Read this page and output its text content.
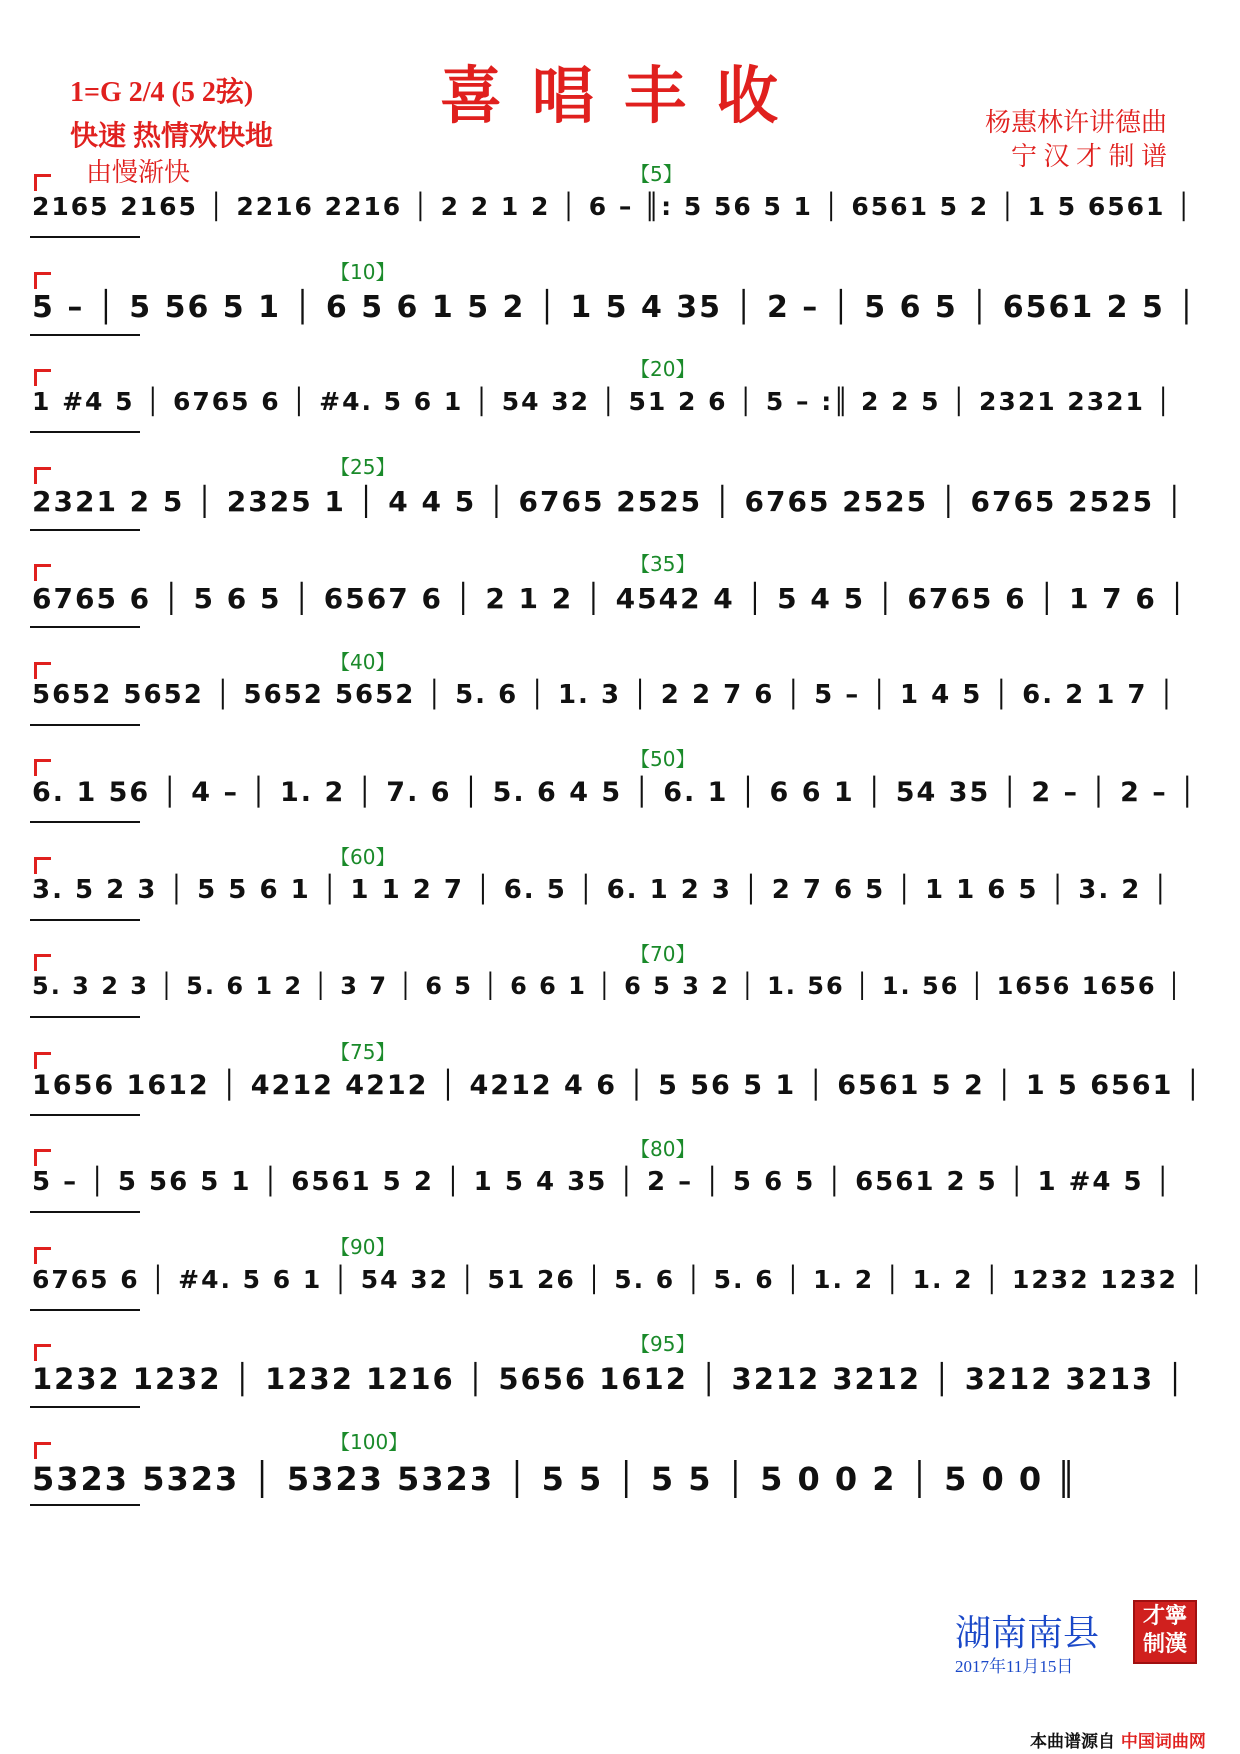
喜唱丰收
1=G 2/4 (5 2弦)
快速 热情欢快地
由慢渐快
杨惠林许讲德曲
宁 汉 才 制 谱
【5】
2165 2165 │ 2216 2216 │ 2 2 1 2 │ 6 – ║: 5 56 5 1 │ 6561 5 2 │ 1 5 6561 │
【10】
5 – │ 5 56 5 1 │ 6 5 6 1 5 2 │ 1 5 4 35 │ 2 – │ 5 6 5 │ 6561 2 5 │
【20】
1 #4 5 │ 6765 6 │ #4. 5 6 1 │ 54 32 │ 51 2 6 │ 5 – :║ 2 2 5 │ 2321 2321 │
【25】
2321 2 5 │ 2325 1 │ 4 4 5 │ 6765 2525 │ 6765 2525 │ 6765 2525 │
【35】
6765 6 │ 5 6 5 │ 6567 6 │ 2 1 2 │ 4542 4 │ 5 4 5 │ 6765 6 │ 1 7 6 │
【40】
5652 5652 │ 5652 5652 │ 5. 6 │ 1. 3 │ 2 2 7 6 │ 5 – │ 1 4 5 │ 6. 2 1 7 │
【50】
6. 1 56 │ 4 – │ 1. 2 │ 7. 6 │ 5. 6 4 5 │ 6. 1 │ 6 6 1 │ 54 35 │ 2 – │ 2 – │
【60】
3. 5 2 3 │ 5 5 6 1 │ 1 1 2 7 │ 6. 5 │ 6. 1 2 3 │ 2 7 6 5 │ 1 1 6 5 │ 3. 2 │
【70】
5. 3 2 3 │ 5. 6 1 2 │ 3 7 │ 6 5 │ 6 6 1 │ 6 5 3 2 │ 1. 56 │ 1. 56 │ 1656 1656 │
【75】
1656 1612 │ 4212 4212 │ 4212 4 6 │ 5 56 5 1 │ 6561 5 2 │ 1 5 6561 │
【80】
5 – │ 5 56 5 1 │ 6561 5 2 │ 1 5 4 35 │ 2 – │ 5 6 5 │ 6561 2 5 │ 1 #4 5 │
【90】
6765 6 │ #4. 5 6 1 │ 54 32 │ 51 26 │ 5. 6 │ 5. 6 │ 1. 2 │ 1. 2 │ 1232 1232 │
【95】
1232 1232 │ 1232 1216 │ 5656 1612 │ 3212 3212 │ 3212 3213 │
【100】
5323 5323 │ 5323 5323 │ 5 5 │ 5 5 │ 5 0 0 2 │ 5 0 0 ║
湖南南县
2017年11月15日
才寧
制漢
本曲谱源自 中国词曲网
